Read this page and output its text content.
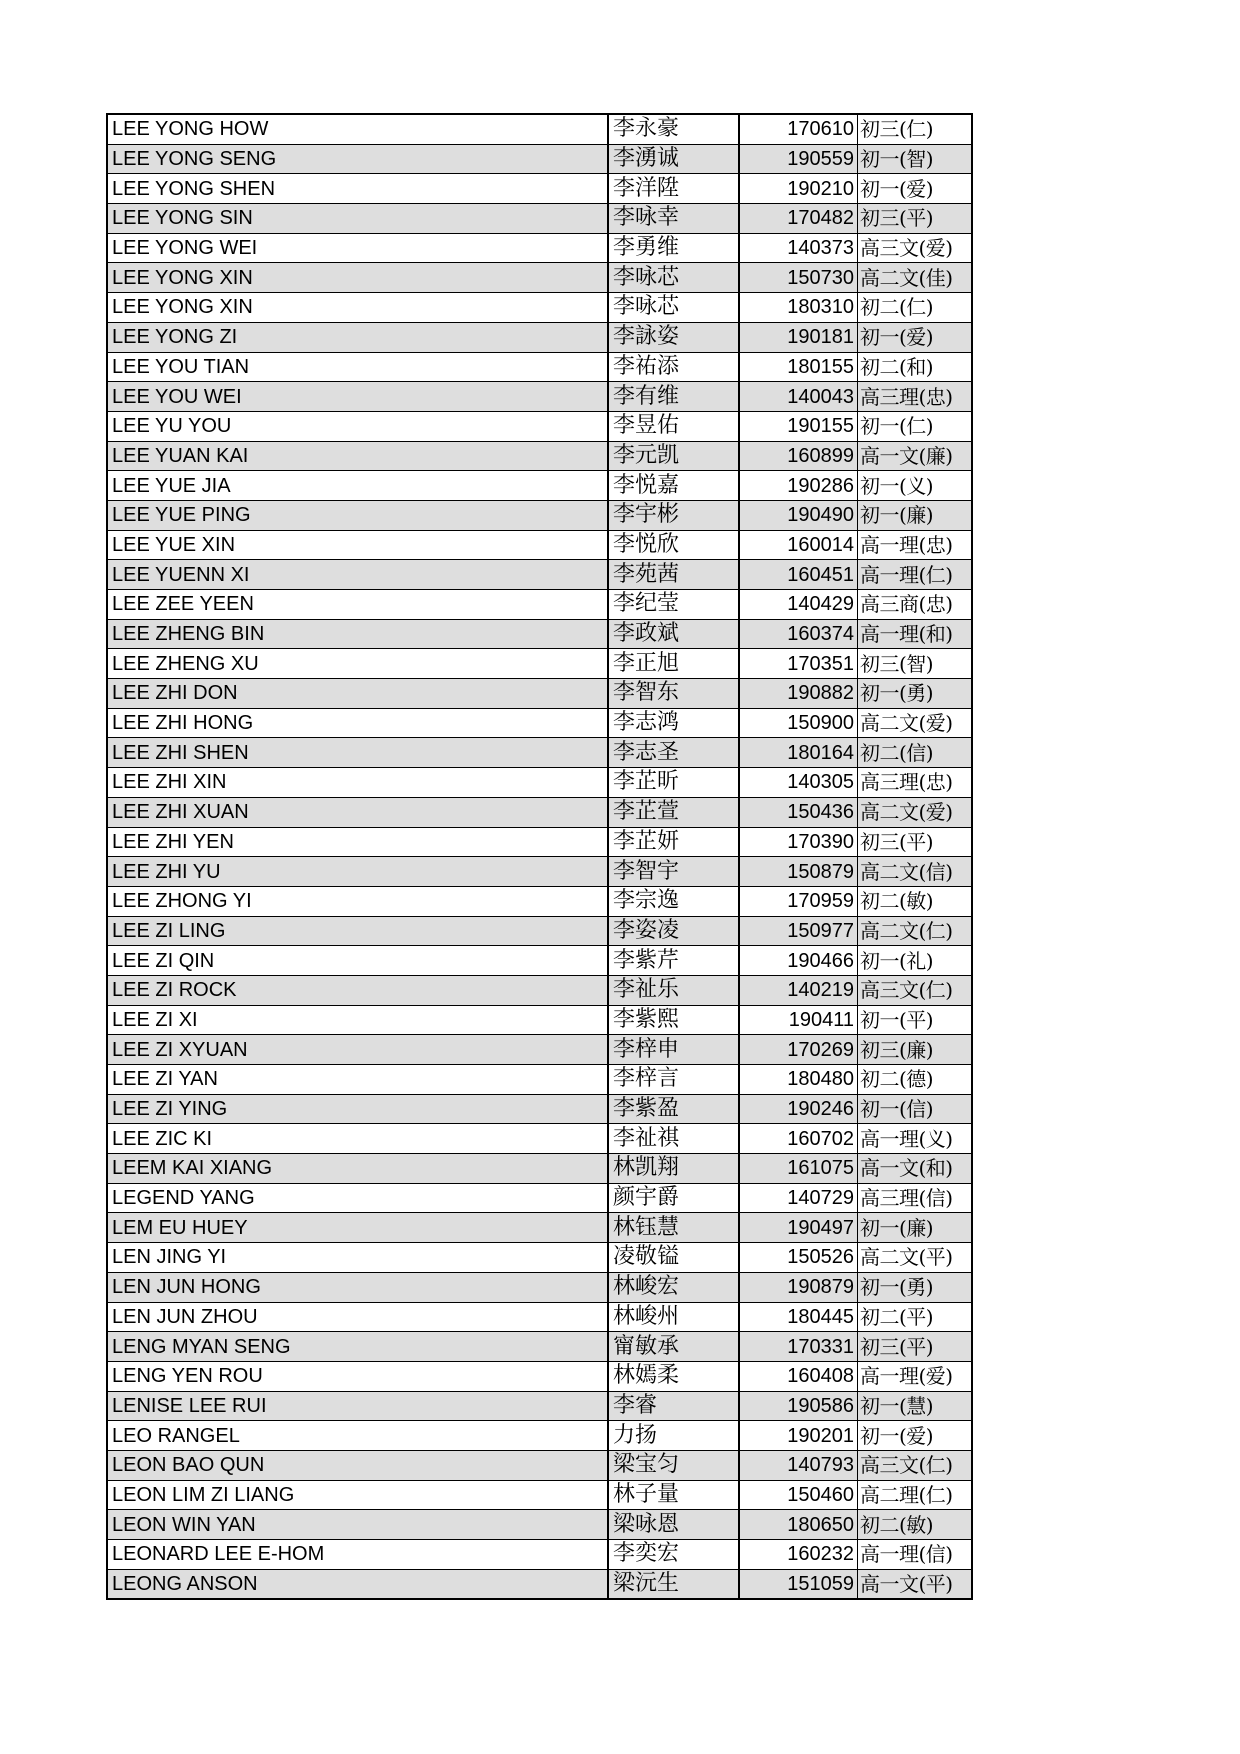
LEE YONG HOW	李永豪	170610	初三(仁)
LEE YONG SENG	李湧诚	190559	初一(智)
LEE YONG SHEN	李洋陞	190210	初一(爱)
LEE YONG SIN	李咏幸	170482	初三(平)
LEE YONG WEI	李勇维	140373	高三文(爱)
LEE YONG XIN	李咏芯	150730	高二文(佳)
LEE YONG XIN	李咏芯	180310	初二(仁)
LEE YONG ZI	李詠姿	190181	初一(爱)
LEE YOU TIAN	李祐添	180155	初二(和)
LEE YOU WEI	李有维	140043	高三理(忠)
LEE YU YOU	李昱佑	190155	初一(仁)
LEE YUAN KAI	李元凯	160899	高一文(廉)
LEE YUE JIA	李悦嘉	190286	初一(义)
LEE YUE PING	李宇彬	190490	初一(廉)
LEE YUE XIN	李悦欣	160014	高一理(忠)
LEE YUENN XI	李苑茜	160451	高一理(仁)
LEE ZEE YEEN	李纪莹	140429	高三商(忠)
LEE ZHENG BIN	李政斌	160374	高一理(和)
LEE ZHENG XU	李正旭	170351	初三(智)
LEE ZHI DON	李智东	190882	初一(勇)
LEE ZHI HONG	李志鸿	150900	高二文(爱)
LEE ZHI SHEN	李志圣	180164	初二(信)
LEE ZHI XIN	李芷昕	140305	高三理(忠)
LEE ZHI XUAN	李芷萱	150436	高二文(爱)
LEE ZHI YEN	李芷妍	170390	初三(平)
LEE ZHI YU	李智宇	150879	高二文(信)
LEE ZHONG YI	李宗逸	170959	初二(敏)
LEE ZI LING	李姿凌	150977	高二文(仁)
LEE ZI QIN	李紫芹	190466	初一(礼)
LEE ZI ROCK	李祉乐	140219	高三文(仁)
LEE ZI XI	李紫熙	190411	初一(平)
LEE ZI XYUAN	李梓申	170269	初三(廉)
LEE ZI YAN	李梓言	180480	初二(德)
LEE ZI YING	李紫盈	190246	初一(信)
LEE ZIC KI	李祉祺	160702	高一理(义)
LEEM KAI XIANG	林凯翔	161075	高一文(和)
LEGEND YANG	颜宇爵	140729	高三理(信)
LEM EU HUEY	林钰慧	190497	初一(廉)
LEN JING YI	凌敬镒	150526	高二文(平)
LEN JUN HONG	林峻宏	190879	初一(勇)
LEN JUN ZHOU	林峻州	180445	初二(平)
LENG MYAN SENG	甯敏承	170331	初三(平)
LENG YEN ROU	林嫣柔	160408	高一理(爱)
LENISE LEE RUI	李睿	190586	初一(慧)
LEO RANGEL	力扬	190201	初一(爱)
LEON BAO QUN	梁宝匀	140793	高三文(仁)
LEON LIM ZI LIANG	林子量	150460	高二理(仁)
LEON WIN YAN	梁咏恩	180650	初二(敏)
LEONARD LEE E-HOM	李奕宏	160232	高一理(信)
LEONG ANSON	梁沅生	151059	高一文(平)
